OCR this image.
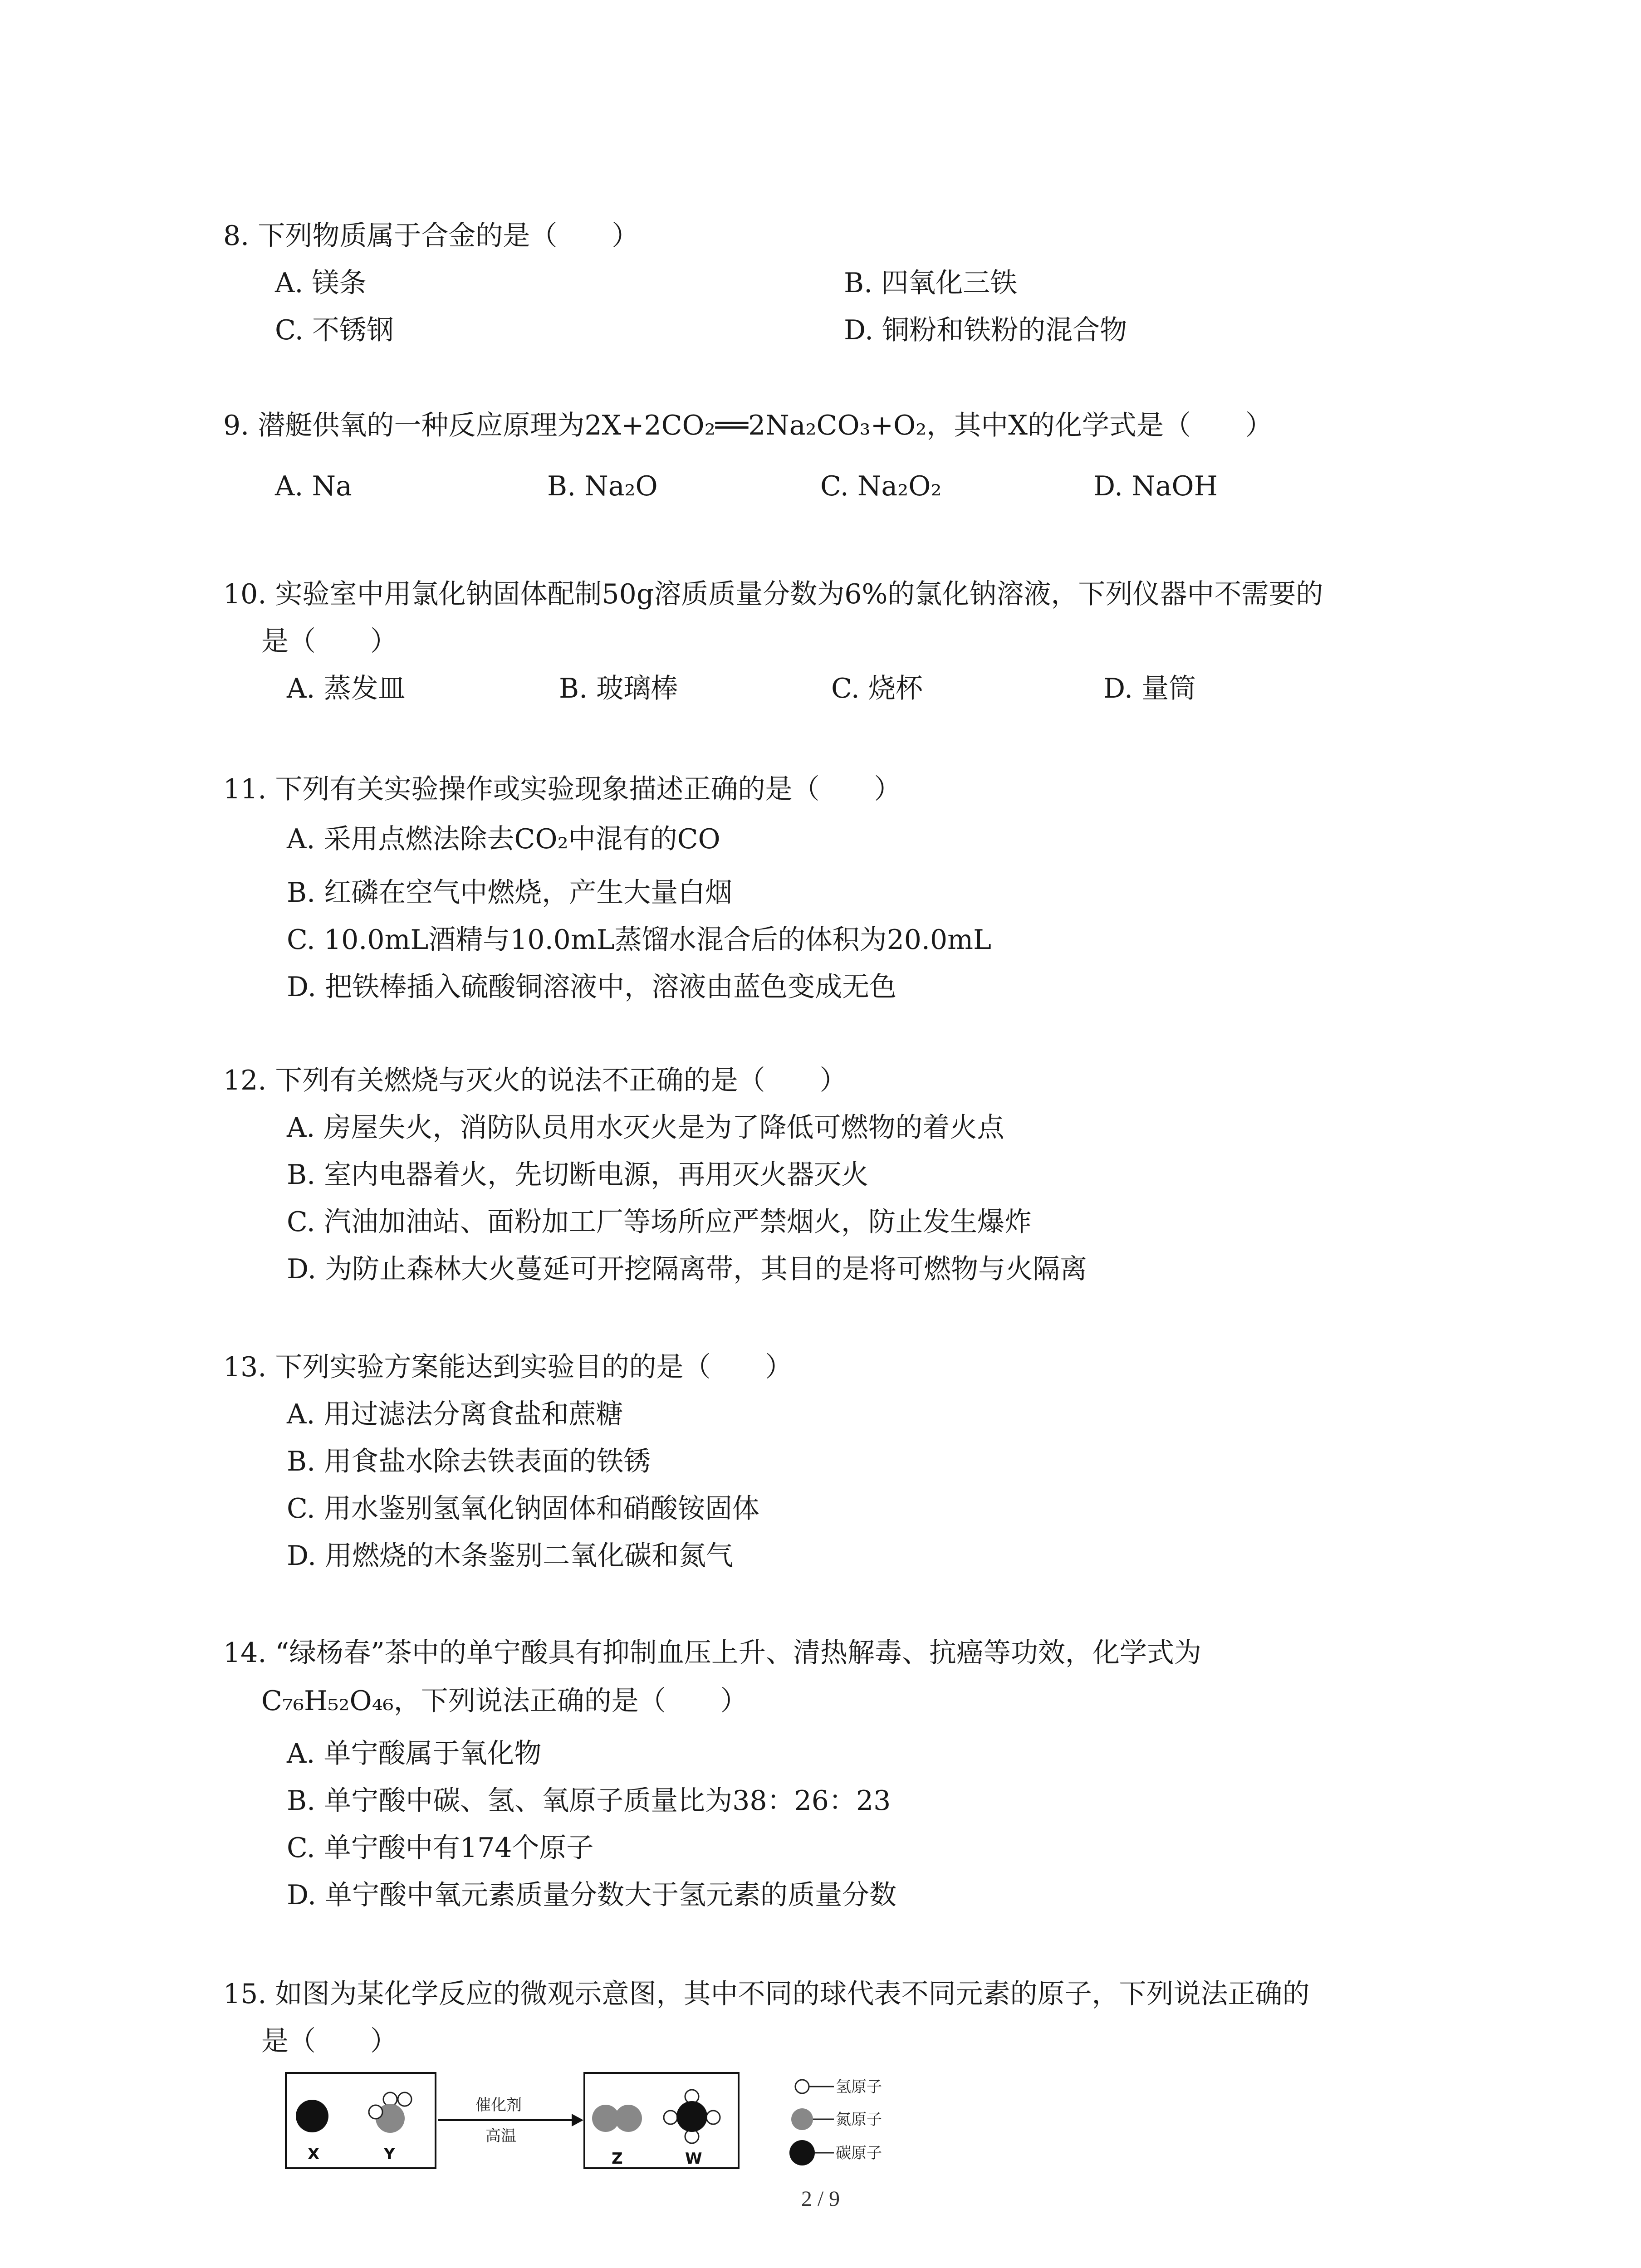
8. 下列物质属于合金的是（　　）
A. 镁条	B. 四氧化三铁
C. 不锈钢	D. 铜粉和铁粉的混合物
9. 潜艇供氧的一种反应原理为2X+2CO₂══2Na₂CO₃+O₂，其中X的化学式是（　　）
A. Na	B. Na₂O	C. Na₂O₂	D. NaOH
10. 实验室中用氯化钠固体配制50g溶质质量分数为6%的氯化钠溶液，下列仪器中不需要的
是（　　）
A. 蒸发皿	B. 玻璃棒	C. 烧杯	D. 量筒
11. 下列有关实验操作或实验现象描述正确的是（　　）
A. 采用点燃法除去CO₂中混有的CO
B. 红磷在空气中燃烧，产生大量白烟
C. 10.0mL酒精与10.0mL蒸馏水混合后的体积为20.0mL
D. 把铁棒插入硫酸铜溶液中，溶液由蓝色变成无色
12. 下列有关燃烧与灭火的说法不正确的是（　　）
A. 房屋失火，消防队员用水灭火是为了降低可燃物的着火点
B. 室内电器着火，先切断电源，再用灭火器灭火
C. 汽油加油站、面粉加工厂等场所应严禁烟火，防止发生爆炸
D. 为防止森林大火蔓延可开挖隔离带，其目的是将可燃物与火隔离
13. 下列实验方案能达到实验目的的是（　　）
A. 用过滤法分离食盐和蔗糖
B. 用食盐水除去铁表面的铁锈
C. 用水鉴别氢氧化钠固体和硝酸铵固体
D. 用燃烧的木条鉴别二氧化碳和氮气
14. “绿杨春”茶中的单宁酸具有抑制血压上升、清热解毒、抗癌等功效，化学式为
C₇₆H₅₂O₄₆，下列说法正确的是（　　）
A. 单宁酸属于氧化物
B. 单宁酸中碳、氢、氧原子质量比为38：26：23
C. 单宁酸中有174个原子
D. 单宁酸中氧元素质量分数大于氢元素的质量分数
15. 如图为某化学反应的微观示意图，其中不同的球代表不同元素的原子，下列说法正确的
是（　　）
X	Y
催化剂
高温
Z	W
氢原子
氮原子
碳原子
2 / 9
